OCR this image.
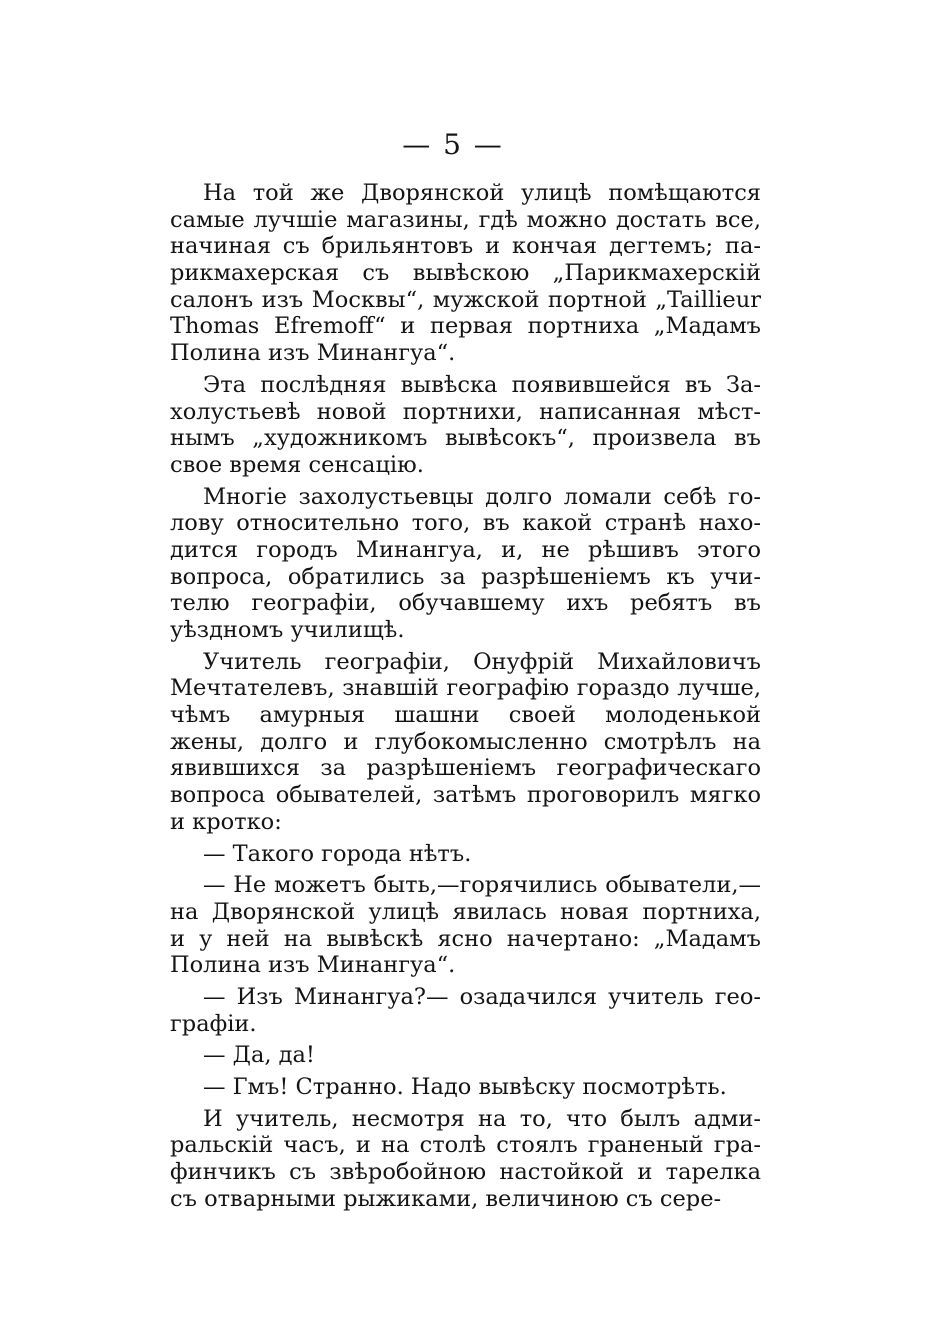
— 5 —
На той же Дворянской улицѣ помѣщаются
самые лучшіе магазины, гдѣ можно достать все,
начиная съ брильянтовъ и кончая дегтемъ; па-
рикмахерская съ вывѣскою „Парикмахерскій
салонъ изъ Москвы“, мужской портной „Taillieur
Thomas Efremoff“ и первая портниха „Мадамъ
Полина изъ Минангуа“.
Эта послѣдняя вывѣска появившейся въ За-
холустьевѣ новой портнихи, написанная мѣст-
нымъ „художникомъ вывѣсокъ“, произвела въ
свое время сенсацію.
Многіе захолустьевцы долго ломали себѣ го-
лову относительно того, въ какой странѣ нахо-
дится городъ Минангуа, и, не рѣшивъ этого
вопроса, обратились за разрѣшеніемъ къ учи-
телю географіи, обучавшему ихъ ребятъ въ
уѣздномъ училищѣ.
Учитель географіи, Онуфрій Михайловичъ
Мечтателевъ, знавшій географію гораздо лучше,
чѣмъ амурныя шашни своей молоденькой
жены, долго и глубокомысленно смотрѣлъ на
явившихся за разрѣшеніемъ географическаго
вопроса обывателей, затѣмъ проговорилъ мягко
и кротко:
— Такого города нѣтъ.
— Не можетъ быть,—горячились обыватели,—
на Дворянской улицѣ явилась новая портниха,
и у ней на вывѣскѣ ясно начертано: „Мадамъ
Полина изъ Минангуа“.
— Изъ Минангуа?— озадачился учитель гео-
графіи.
— Да, да!
— Гмъ! Странно. Надо вывѣску посмотрѣть.
И учитель, несмотря на то, что былъ адми-
ральскій часъ, и на столѣ стоялъ граненый гра-
финчикъ съ звѣробойною настойкой и тарелка
съ отварными рыжиками, величиною съ сере-
